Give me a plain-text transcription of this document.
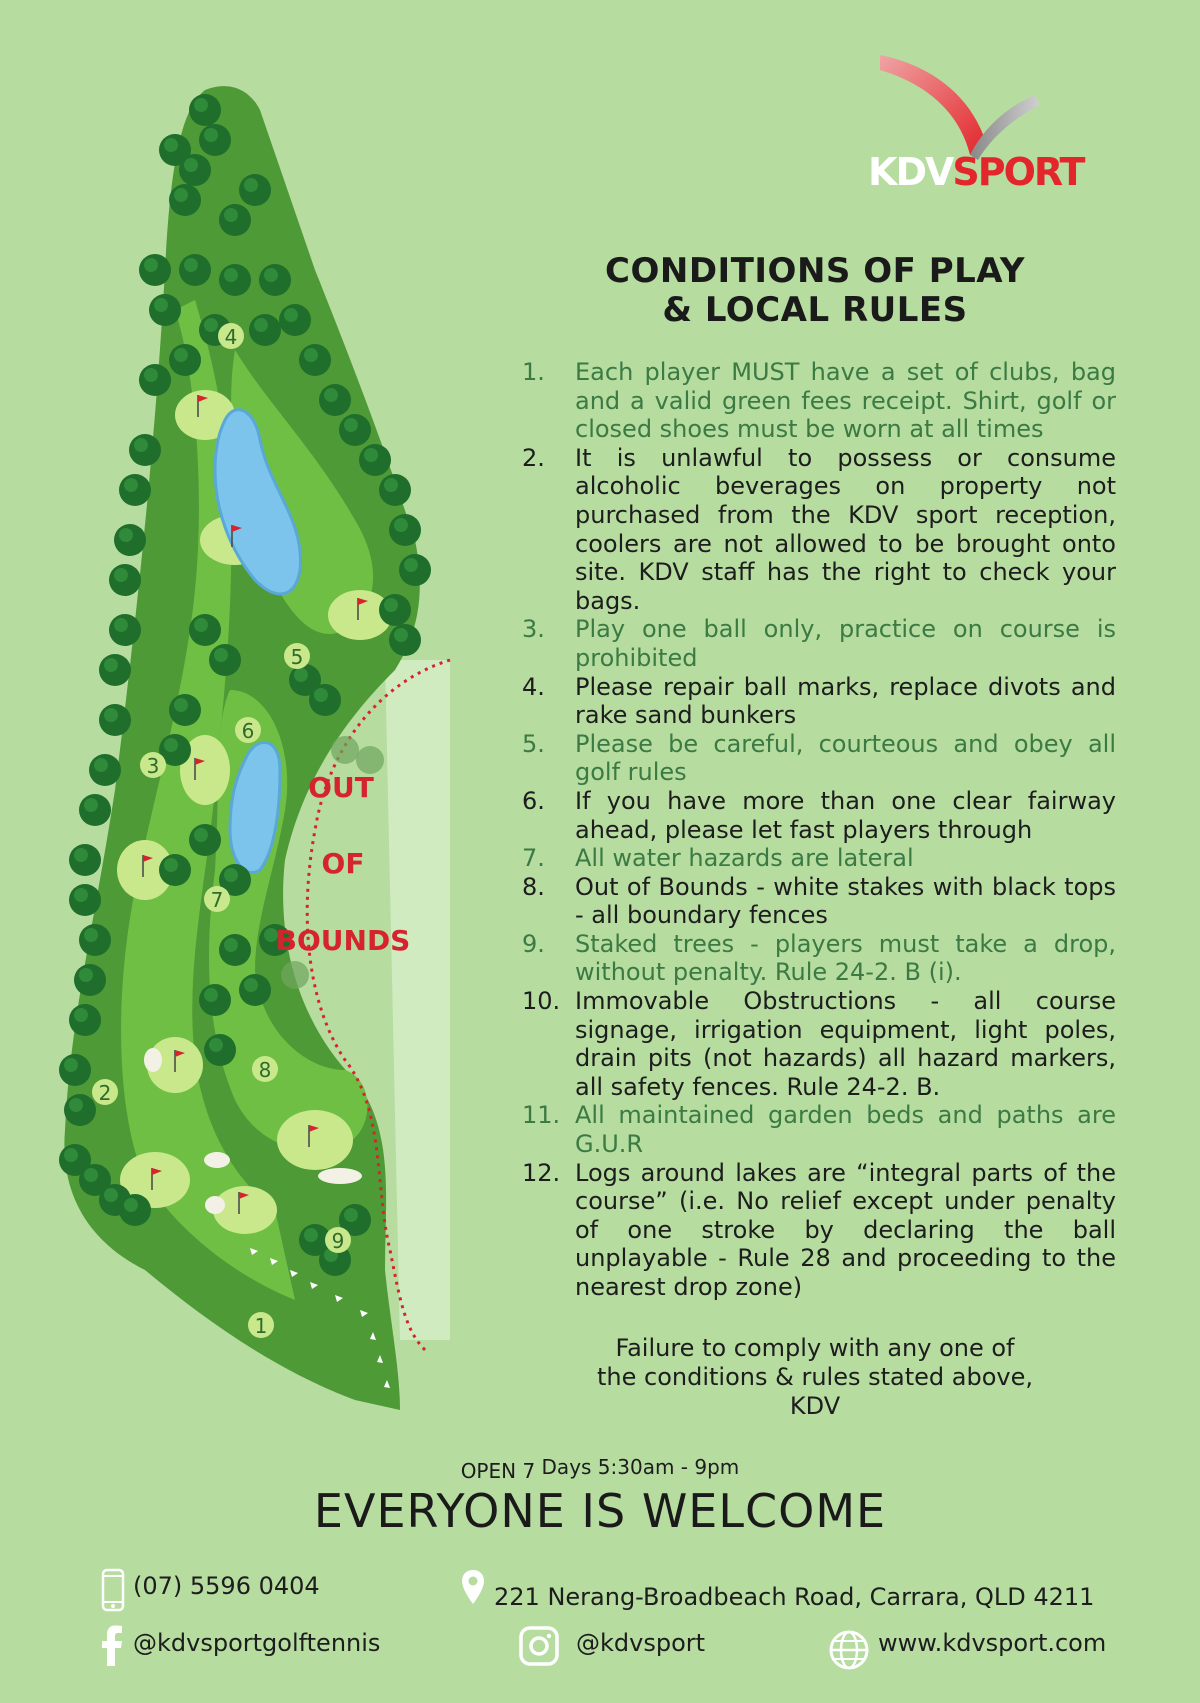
1
2
3
4
5
6
7
8
9
OUT
OF
BOUNDS
KDVSPORT
CONDITIONS OF PLAY
& LOCAL RULES
1. Each player MUST have a set of clubs, bag and a valid green fees receipt. Shirt, golf or closed shoes must be worn at all times
2. It is unlawful to possess or consume alcoholic beverages on property not purchased from the KDV sport reception, coolers are not allowed to be brought onto site. KDV staff has the right to check your bags.
3. Play one ball only, practice on course is prohibited
4. Please repair ball marks, replace divots and rake sand bunkers
5. Please be careful, courteous and obey all golf rules
6. If you have more than one clear fairway ahead, please let fast players through
7. All water hazards are lateral
8. Out of Bounds - white stakes with black tops - all boundary fences
9. Staked trees - players must take a drop, without penalty. Rule 24-2. B (i).
10. Immovable Obstructions - all course signage, irrigation equipment, light poles, drain pits (not hazards) all hazard markers, all safety fences. Rule 24-2. B.
11. All maintained garden beds and paths are G.U.R
12. Logs around lakes are “integral parts of the course” (i.e. No relief except under penalty of one stroke by declaring the ball unplayable - Rule 28 and proceeding to the nearest drop zone)
Failure to comply with any one of
the conditions & rules stated above,
KDV
OPEN 7 Days 5:30am - 9pm
EVERYONE IS WELCOME
(07) 5596 0404	221 Nerang-Broadbeach Road, Carrara, QLD 4211
@kdvsportgolftennis	@kdvsport	www.kdvsport.com
